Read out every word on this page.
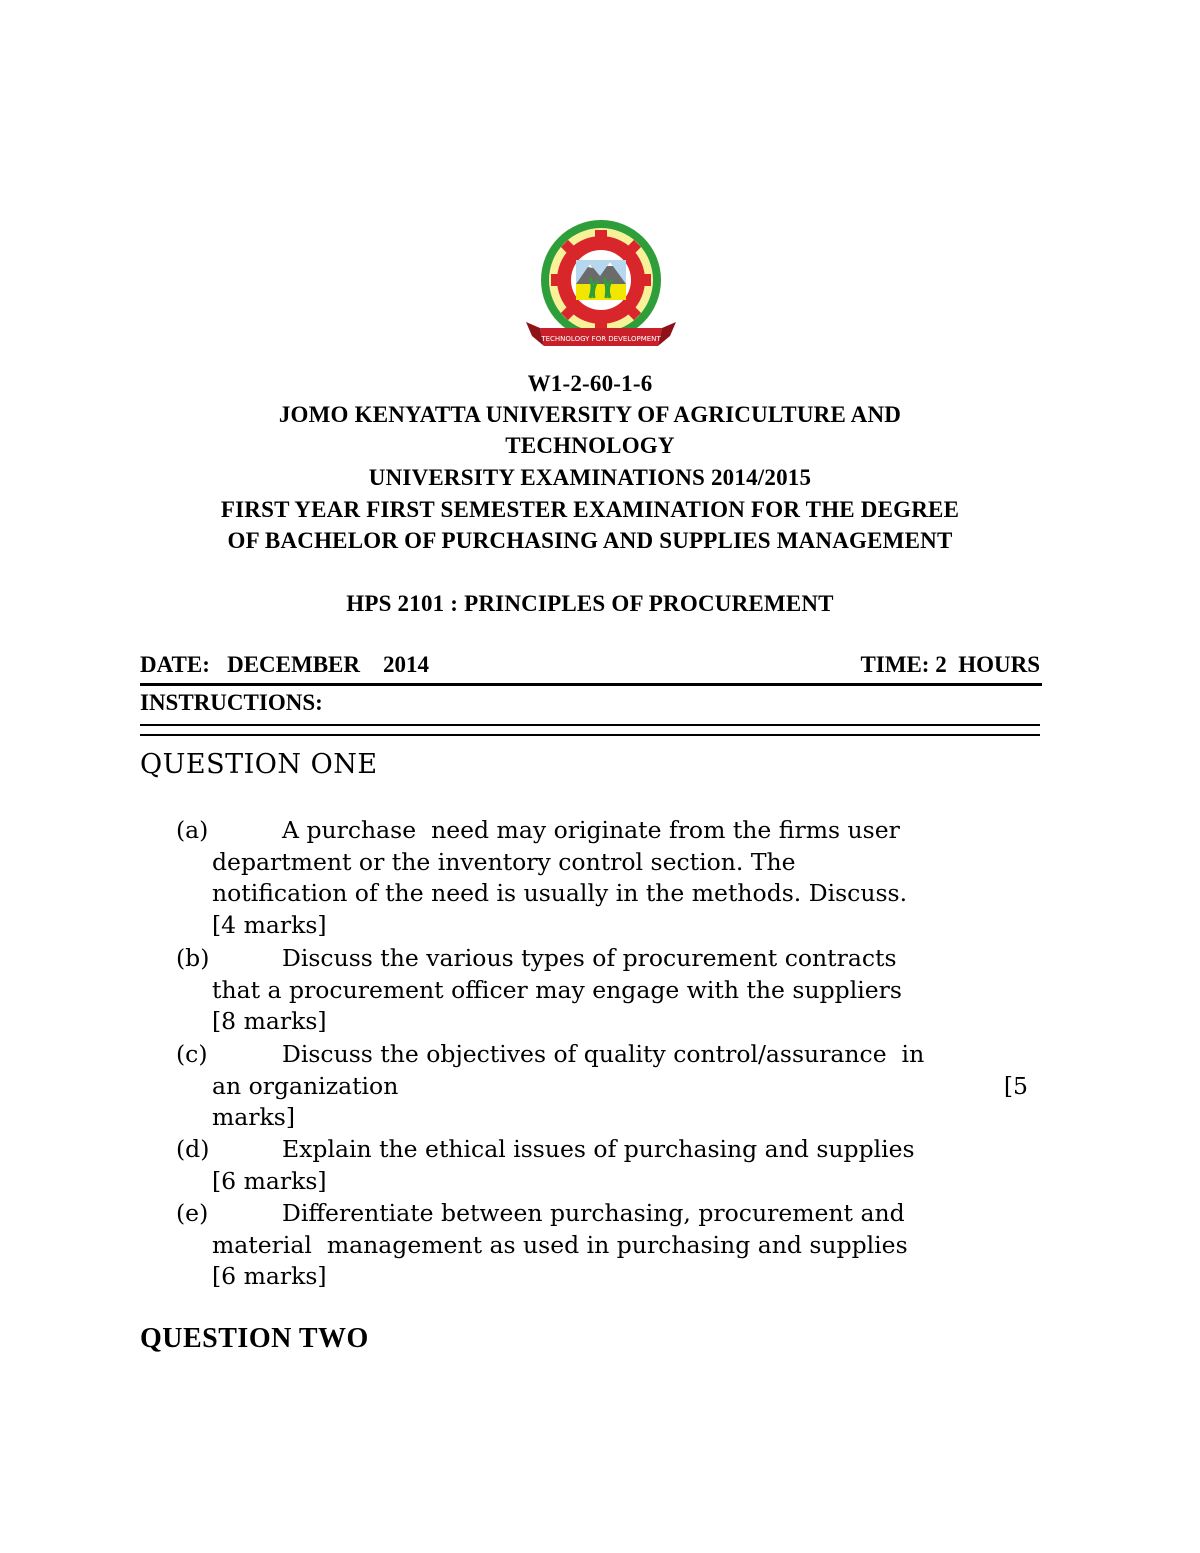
TECHNOLOGY FOR DEVELOPMENT
W1-2-60-1-6
JOMO KENYATTA UNIVERSITY OF AGRICULTURE AND
TECHNOLOGY
UNIVERSITY EXAMINATIONS 2014/2015
FIRST YEAR FIRST SEMESTER EXAMINATION FOR THE DEGREE
OF BACHELOR OF PURCHASING AND SUPPLIES MANAGEMENT
HPS 2101 : PRINCIPLES OF PROCUREMENT
DATE:   DECEMBER    2014	TIME: 2  HOURS
INSTRUCTIONS:
QUESTION ONE
(a)	A purchase  need may originate from the firms user
department or the inventory control section. The
notification of the need is usually in the methods. Discuss.
[4 marks]
(b)	Discuss the various types of procurement contracts
that a procurement officer may engage with the suppliers
[8 marks]
(c)	Discuss the objectives of quality control/assurance  in
an organization	[5
marks]
(d)	Explain the ethical issues of purchasing and supplies
[6 marks]
(e)	Differentiate between purchasing, procurement and
material  management as used in purchasing and supplies
[6 marks]
QUESTION TWO
